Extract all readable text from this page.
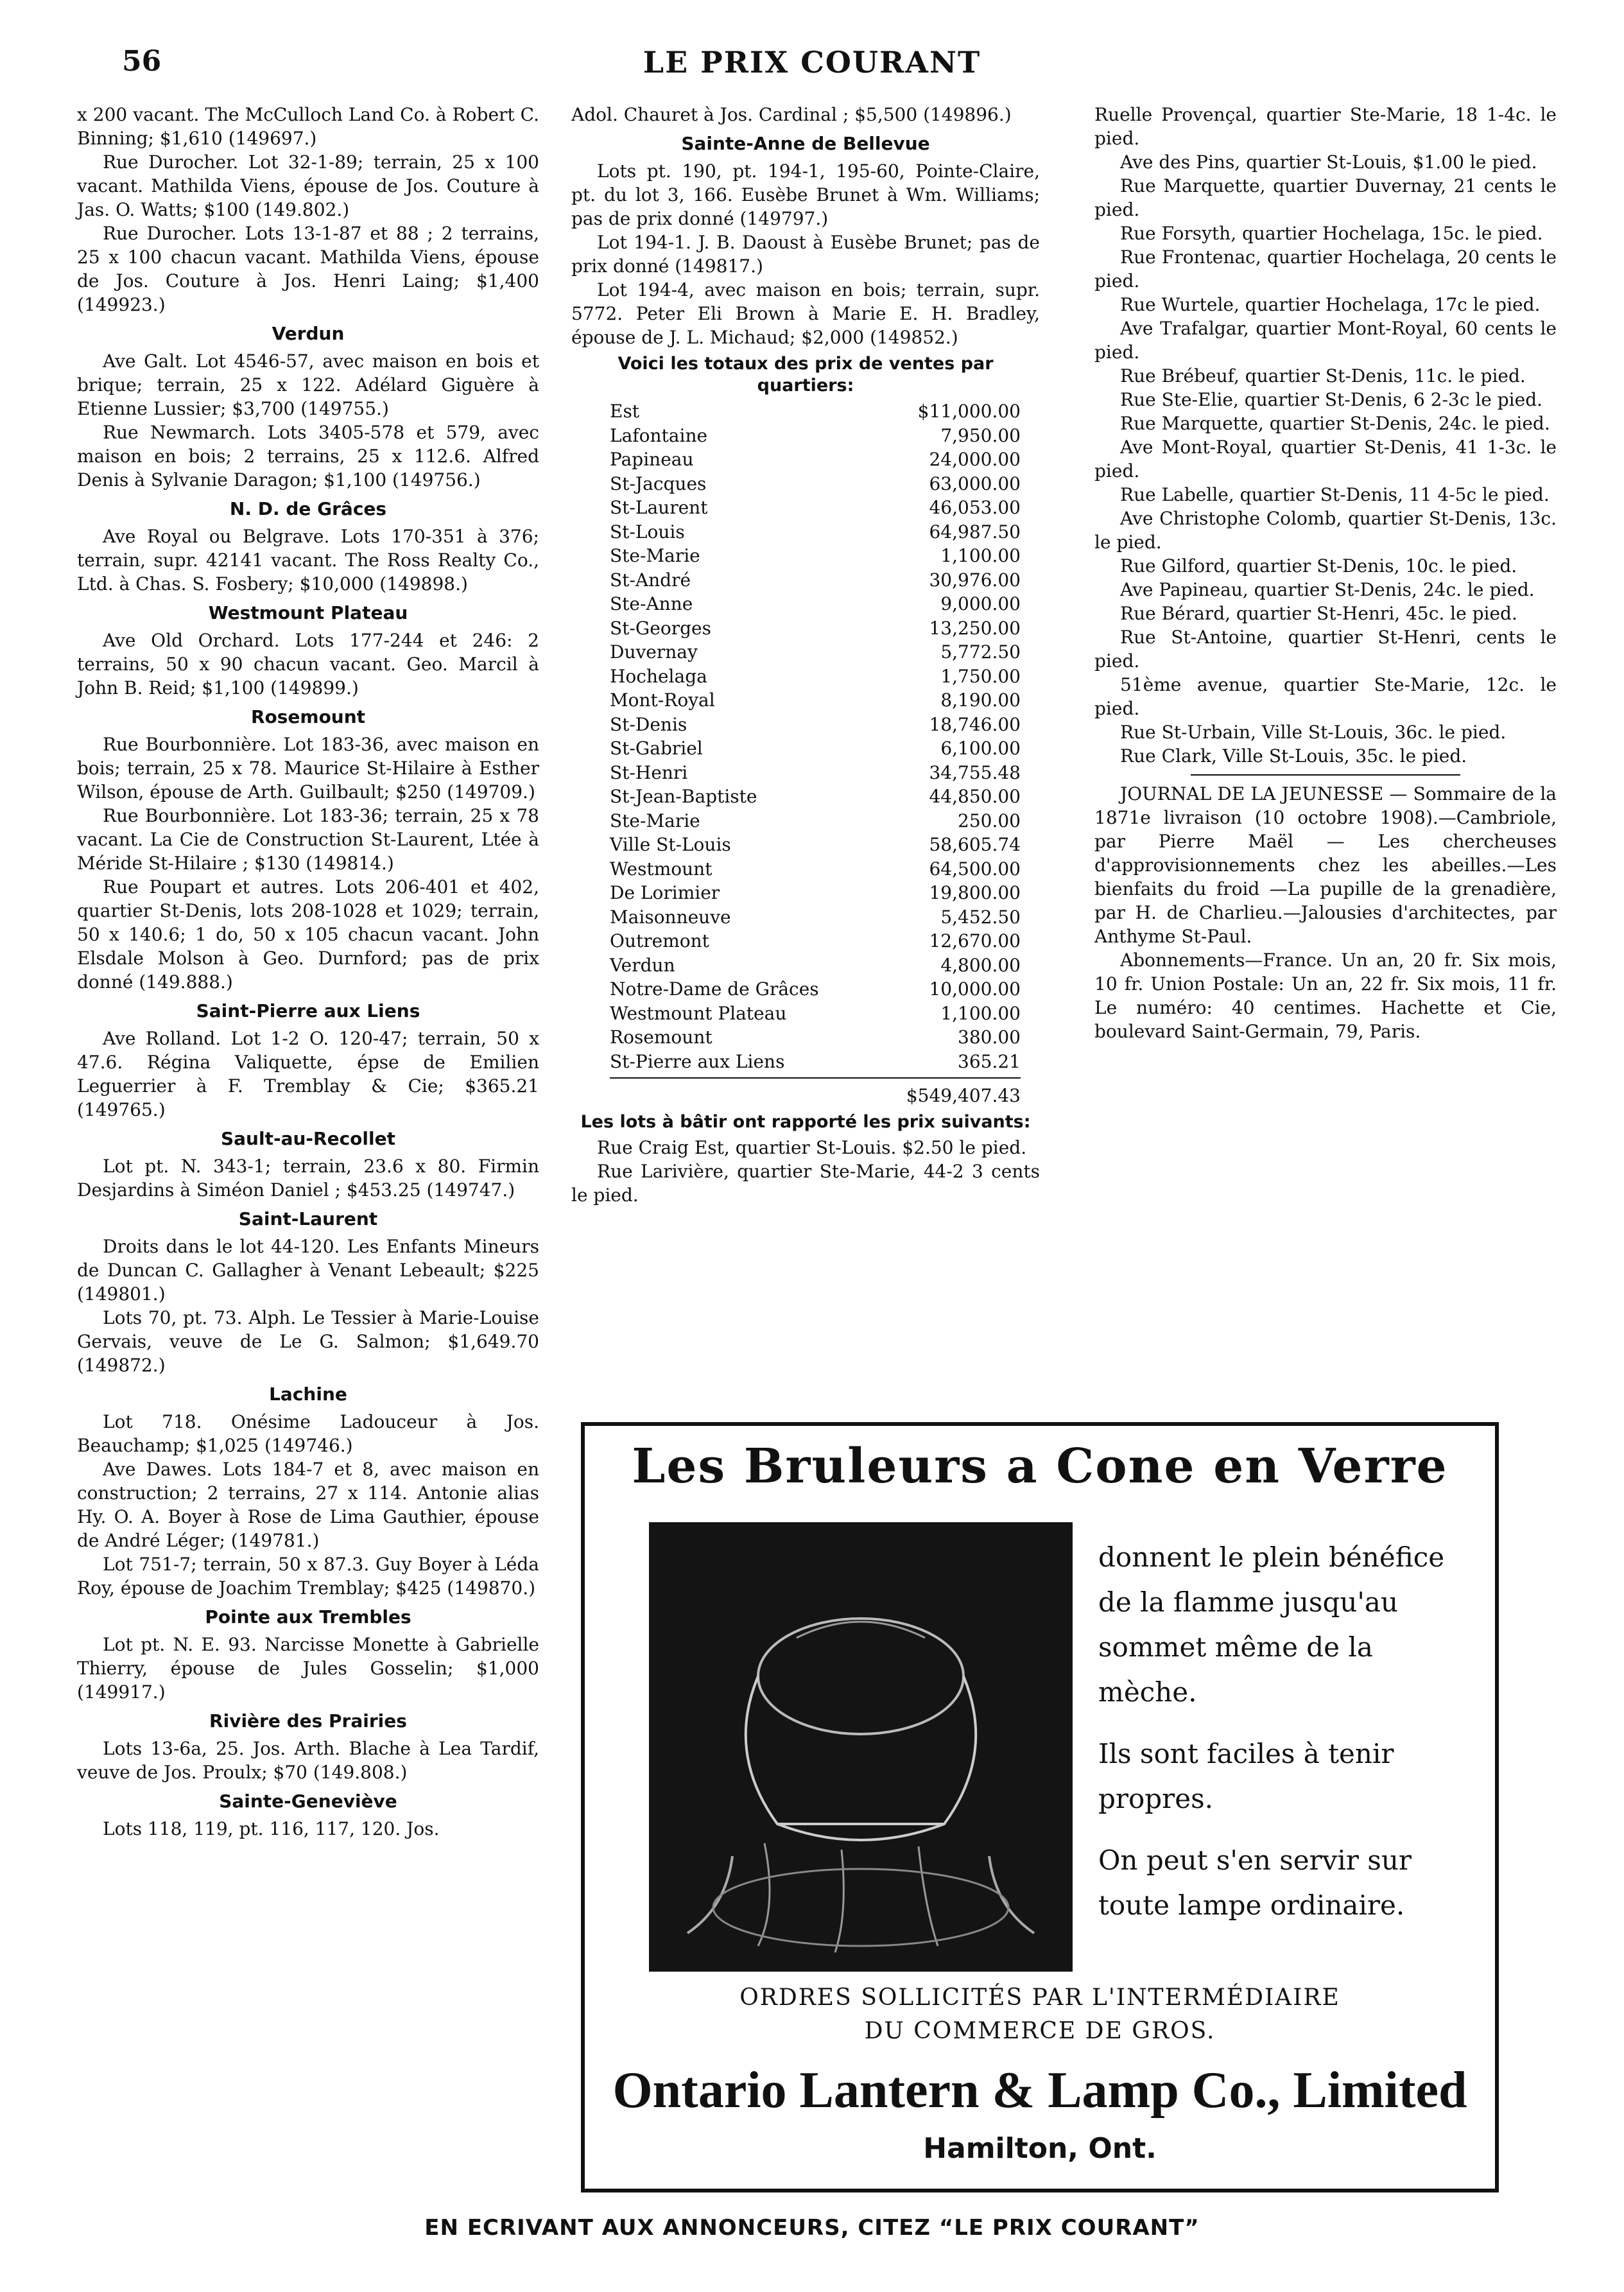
56	LE PRIX COURANT

x 200 vacant. The McCulloch Land Co. à Robert C. Binning; $1,610 (149697.)

Rue Durocher. Lot 32-1-89; terrain, 25 x 100 vacant. Mathilda Viens, épouse de Jos. Couture à Jas. O. Watts; $100 (149.802.)

Rue Durocher. Lots 13-1-87 et 88 ; 2 terrains, 25 x 100 chacun vacant. Mathilda Viens, épouse de Jos. Couture à Jos. Henri Laing; $1,400 (149923.)

Verdun

Ave Galt. Lot 4546-57, avec maison en bois et brique; terrain, 25 x 122. Adélard Giguère à Etienne Lussier; $3,700 (149755.)

Rue Newmarch. Lots 3405-578 et 579, avec maison en bois; 2 terrains, 25 x 112.6. Alfred Denis à Sylvanie Daragon; $1,100 (149756.)

N. D. de Grâces

Ave Royal ou Belgrave. Lots 170-351 à 376; terrain, supr. 42141 vacant. The Ross Realty Co., Ltd. à Chas. S. Fosbery; $10,000 (149898.)

Westmount Plateau

Ave Old Orchard. Lots 177-244 et 246: 2 terrains, 50 x 90 chacun vacant. Geo. Marcil à John B. Reid; $1,100 (149899.)

Rosemount

Rue Bourbonnière. Lot 183-36, avec maison en bois; terrain, 25 x 78. Maurice St-Hilaire à Esther Wilson, épouse de Arth. Guilbault; $250 (149709.)

Rue Bourbonnière. Lot 183-36; terrain, 25 x 78 vacant. La Cie de Construction St-Laurent, Ltée à Méride St-Hilaire ; $130 (149814.)

Rue Poupart et autres. Lots 206-401 et 402, quartier St-Denis, lots 208-1028 et 1029; terrain, 50 x 140.6; 1 do, 50 x 105 chacun vacant. John Elsdale Molson à Geo. Durnford; pas de prix donné (149.888.)

Saint-Pierre aux Liens

Ave Rolland. Lot 1-2 O. 120-47; terrain, 50 x 47.6. Régina Valiquette, épse de Emilien Leguerrier à F. Tremblay & Cie; $365.21 (149765.)

Sault-au-Recollet

Lot pt. N. 343-1; terrain, 23.6 x 80. Firmin Desjardins à Siméon Daniel ; $453.25 (149747.)

Saint-Laurent

Droits dans le lot 44-120. Les Enfants Mineurs de Duncan C. Gallagher à Venant Lebeault; $225 (149801.)

Lots 70, pt. 73. Alph. Le Tessier à Marie-Louise Gervais, veuve de Le G. Salmon; $1,649.70 (149872.)

Lachine

Lot 718. Onésime Ladouceur à Jos. Beauchamp; $1,025 (149746.)

Ave Dawes. Lots 184-7 et 8, avec maison en construction; 2 terrains, 27 x 114. Antonie alias Hy. O. A. Boyer à Rose de Lima Gauthier, épouse de André Léger; (149781.)

Lot 751-7; terrain, 50 x 87.3. Guy Boyer à Léda Roy, épouse de Joachim Tremblay; $425 (149870.)

Pointe aux Trembles

Lot pt. N. E. 93. Narcisse Monette à Gabrielle Thierry, épouse de Jules Gosselin; $1,000 (149917.)

Rivière des Prairies

Lots 13-6a, 25. Jos. Arth. Blache à Lea Tardif, veuve de Jos. Proulx; $70 (149.808.)

Sainte-Geneviève

Lots 118, 119, pt. 116, 117, 120. Jos.

Adol. Chauret à Jos. Cardinal ; $5,500 (149896.)

Sainte-Anne de Bellevue

Lots pt. 190, pt. 194-1, 195-60, Pointe-Claire, pt. du lot 3, 166. Eusèbe Brunet à Wm. Williams; pas de prix donné (149797.)

Lot 194-1. J. B. Daoust à Eusèbe Brunet; pas de prix donné (149817.)

Lot 194-4, avec maison en bois; terrain, supr. 5772. Peter Eli Brown à Marie E. H. Bradley, épouse de J. L. Michaud; $2,000 (149852.)

Voici les totaux des prix de ventes par quartiers:
Est	$11,000.00
Lafontaine	7,950.00
Papineau	24,000.00
St-Jacques	63,000.00
St-Laurent	46,053.00
St-Louis	64,987.50
Ste-Marie	1,100.00
St-André	30,976.00
Ste-Anne	9,000.00
St-Georges	13,250.00
Duvernay	5,772.50
Hochelaga	1,750.00
Mont-Royal	8,190.00
St-Denis	18,746.00
St-Gabriel	6,100.00
St-Henri	34,755.48
St-Jean-Baptiste	44,850.00
Ste-Marie	250.00
Ville St-Louis	58,605.74
Westmount	64,500.00
De Lorimier	19,800.00
Maisonneuve	5,452.50
Outremont	12,670.00
Verdun	4,800.00
Notre-Dame de Grâces	10,000.00
Westmount Plateau	1,100.00
Rosemount	380.00
St-Pierre aux Liens	365.21
$549,407.43
Les lots à bâtir ont rapporté les prix suivants:

Rue Craig Est, quartier St-Louis. $2.50 le pied.

Rue Larivière, quartier Ste-Marie, 44-2 3 cents le pied.

Ruelle Provençal, quartier Ste-Marie, 18 1-4c. le pied.

Ave des Pins, quartier St-Louis, $1.00 le pied.

Rue Marquette, quartier Duvernay, 21 cents le pied.

Rue Forsyth, quartier Hochelaga, 15c. le pied.

Rue Frontenac, quartier Hochelaga, 20 cents le pied.

Rue Wurtele, quartier Hochelaga, 17c le pied.

Ave Trafalgar, quartier Mont-Royal, 60 cents le pied.

Rue Brébeuf, quartier St-Denis, 11c. le pied.

Rue Ste-Elie, quartier St-Denis, 6 2-3c le pied.

Rue Marquette, quartier St-Denis, 24c. le pied.

Ave Mont-Royal, quartier St-Denis, 41 1-3c. le pied.

Rue Labelle, quartier St-Denis, 11 4-5c le pied.

Ave Christophe Colomb, quartier St-Denis, 13c. le pied.

Rue Gilford, quartier St-Denis, 10c. le pied.

Ave Papineau, quartier St-Denis, 24c. le pied.

Rue Bérard, quartier St-Henri, 45c. le pied.

Rue St-Antoine, quartier St-Henri, cents le pied.

51ème avenue, quartier Ste-Marie, 12c. le pied.

Rue St-Urbain, Ville St-Louis, 36c. le pied.

Rue Clark, Ville St-Louis, 35c. le pied.

JOURNAL DE LA JEUNESSE — Sommaire de la 1871e livraison (10 octobre 1908).—Cambriole, par Pierre Maël — Les chercheuses d'approvisionnements chez les abeilles.—Les bienfaits du froid —La pupille de la grenadière, par H. de Charlieu.—Jalousies d'architectes, par Anthyme St-Paul.

Abonnements—France. Un an, 20 fr. Six mois, 10 fr. Union Postale: Un an, 22 fr. Six mois, 11 fr. Le numéro: 40 centimes. Hachette et Cie, boulevard Saint-Germain, 79, Paris.

Les Bruleurs a Cone en Verre

donnent le plein bénéfice de la flamme jusqu'au sommet même de la mèche.

Ils sont faciles à tenir propres.

On peut s'en servir sur toute lampe ordinaire.

ORDRES SOLLICITÉS PAR L'INTERMÉDIAIRE
DU COMMERCE DE GROS.
Ontario Lantern & Lamp Co., Limited
Hamilton, Ont.
EN ECRIVANT AUX ANNONCEURS, CITEZ “LE PRIX COURANT”
